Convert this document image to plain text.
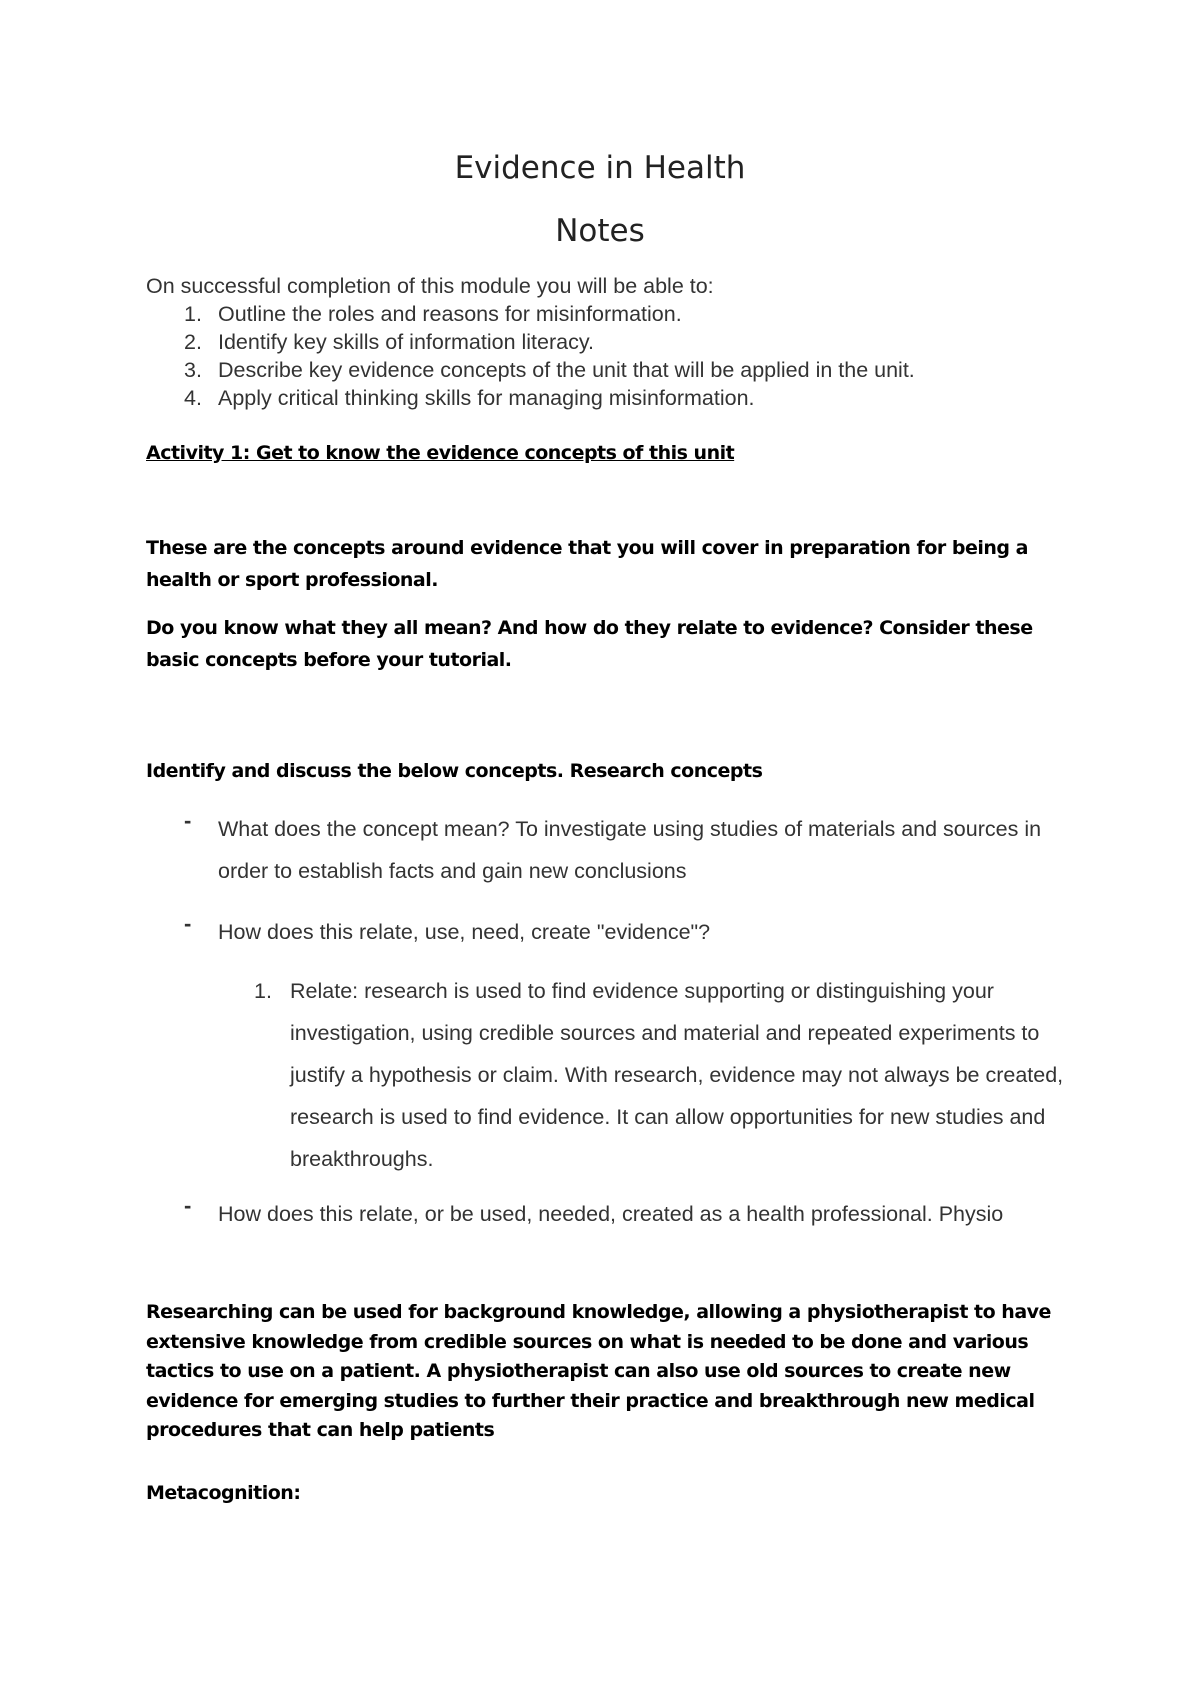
Evidence in Health
Notes

On successful completion of this module you will be able to:

1. Outline the roles and reasons for misinformation.
2. Identify key skills of information literacy.
3. Describe key evidence concepts of the unit that will be applied in the unit.
4. Apply critical thinking skills for managing misinformation.

Activity 1: Get to know the evidence concepts of this unit

These are the concepts around evidence that you will cover in preparation for being a health or sport professional.

Do you know what they all mean? And how do they relate to evidence? Consider these basic concepts before your tutorial.

Identify and discuss the below concepts. Research concepts

- What does the concept mean? To investigate using studies of materials and sources in order to establish facts and gain new conclusions
- How does this relate, use, need, create "evidence"?
1. Relate: research is used to find evidence supporting or distinguishing your investigation, using credible sources and material and repeated experiments to justify a hypothesis or claim. With research, evidence may not always be created, research is used to find evidence. It can allow opportunities for new studies and breakthroughs.
- How does this relate, or be used, needed, created as a health professional. Physio

Researching can be used for background knowledge, allowing a physiotherapist to have extensive knowledge from credible sources on what is needed to be done and various tactics to use on a patient. A physiotherapist can also use old sources to create new evidence for emerging studies to further their practice and breakthrough new medical procedures that can help patients

Metacognition:
